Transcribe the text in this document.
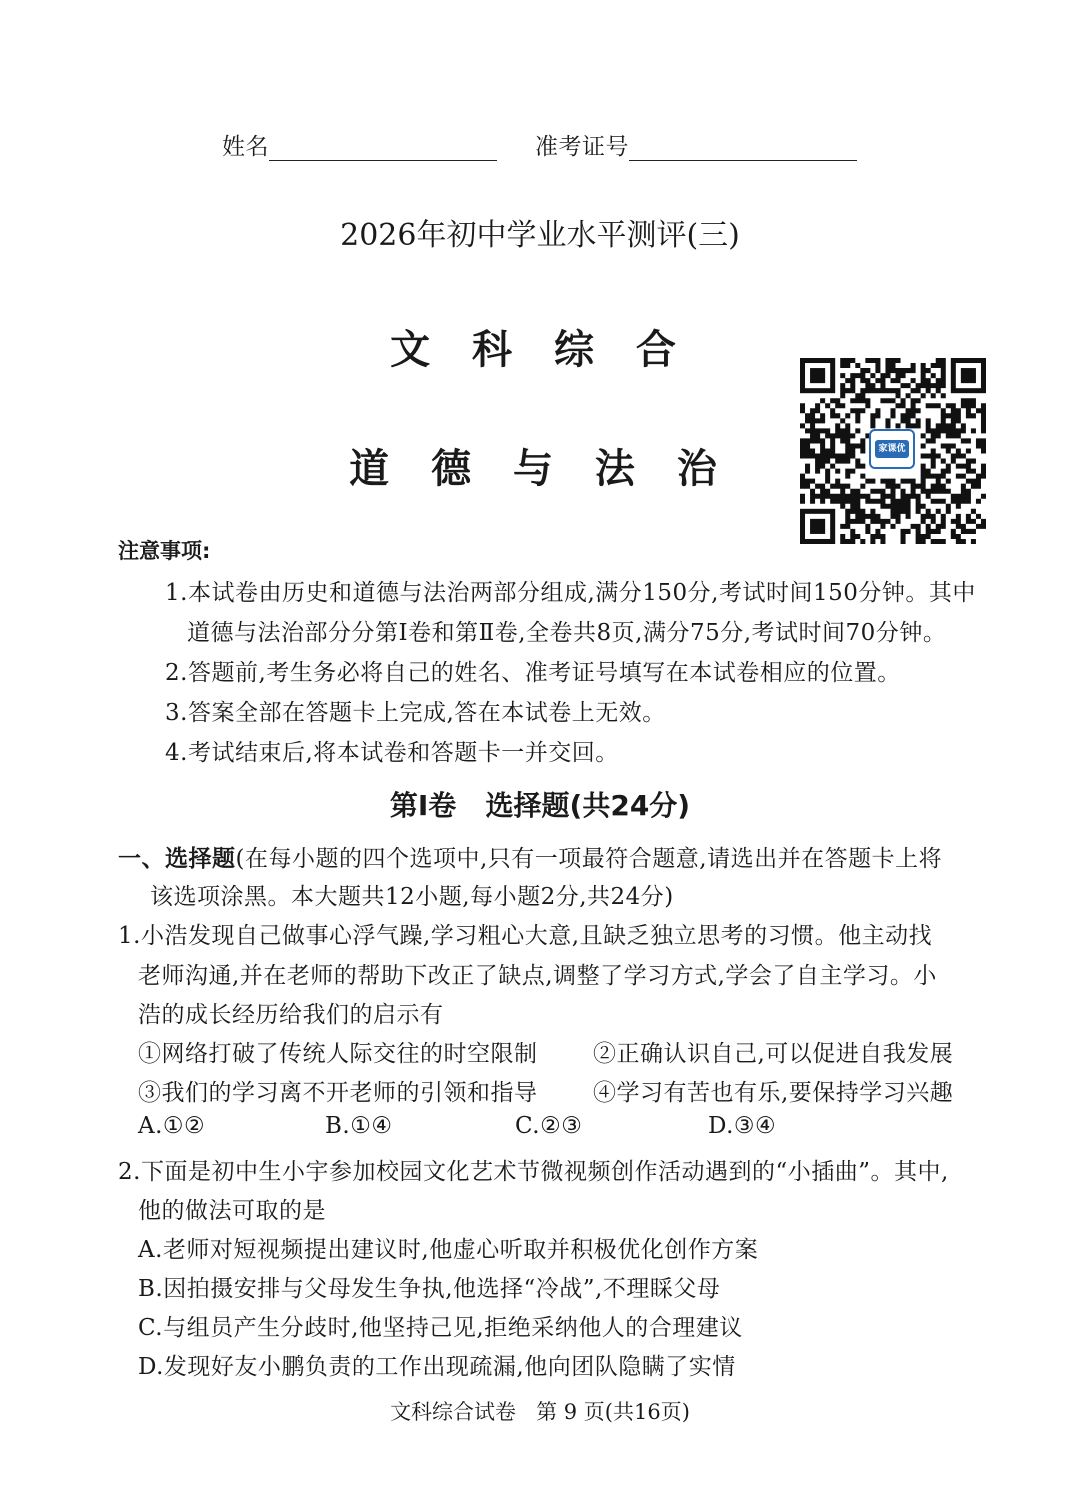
姓名	准考证号
2026年初中学业水平测评(三)
文 科 综 合
道 德 与 法 治	家课优
注意事项:
1.本试卷由历史和道德与法治两部分组成,满分150分,考试时间150分钟。其中
道德与法治部分分第Ⅰ卷和第Ⅱ卷,全卷共8页,满分75分,考试时间70分钟。
2.答题前,考生务必将自己的姓名、准考证号填写在本试卷相应的位置。
3.答案全部在答题卡上完成,答在本试卷上无效。
4.考试结束后,将本试卷和答题卡一并交回。
第Ⅰ卷   选择题(共24分)
一、选择题(在每小题的四个选项中,只有一项最符合题意,请选出并在答题卡上将
该选项涂黑。本大题共12小题,每小题2分,共24分)
1.小浩发现自己做事心浮气躁,学习粗心大意,且缺乏独立思考的习惯。他主动找
老师沟通,并在老师的帮助下改正了缺点,调整了学习方式,学会了自主学习。小
浩的成长经历给我们的启示有
①网络打破了传统人际交往的时空限制 ②正确认识自己,可以促进自我发展
③我们的学习离不开老师的引领和指导 ④学习有苦也有乐,要保持学习兴趣
A.①②	B.①④	C.②③	D.③④
2.下面是初中生小宇参加校园文化艺术节微视频创作活动遇到的“小插曲”。其中,
他的做法可取的是
A.老师对短视频提出建议时,他虚心听取并积极优化创作方案
B.因拍摄安排与父母发生争执,他选择“冷战”,不理睬父母
C.与组员产生分歧时,他坚持己见,拒绝采纳他人的合理建议
D.发现好友小鹏负责的工作出现疏漏,他向团队隐瞒了实情
文科综合试卷   第 9 页(共16页)
